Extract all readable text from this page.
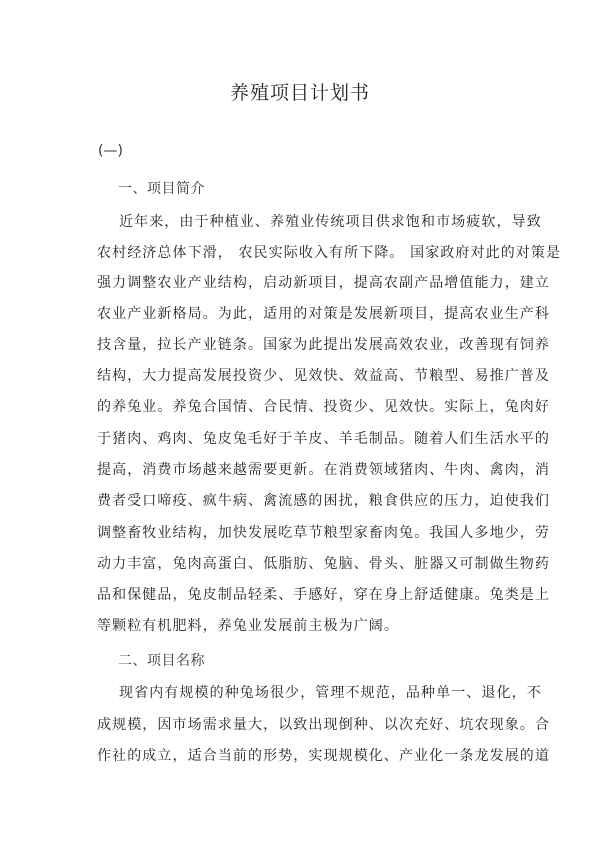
养殖项目计划书
(—)
一、项目简介
近年来，由于种植业、养殖业传统项目供求饱和市场疲软，导致
农村经济总体下滑， 农民实际收入有所下降。 国家政府对此的对策是
强力调整农业产业结构，启动新项目，提高农副产品增值能力，建立
农业产业新格局。为此，适用的对策是发展新项目，提高农业生产科
技含量，拉长产业链条。国家为此提出发展高效农业，改善现有饲养
结构，大力提高发展投资少、见效快、效益高、节粮型、易推广普及
的养兔业。养兔合国情、合民情、投资少、见效快。实际上，兔肉好
于猪肉、鸡肉、兔皮兔毛好于羊皮、羊毛制品。随着人们生活水平的
提高，消费市场越来越需要更新。在消费领域猪肉、牛肉、禽肉，消
费者受口啼疫、疯牛病、禽流感的困扰，粮食供应的压力，迫使我们
调整畜牧业结构，加快发展吃草节粮型家畜肉兔。我国人多地少，劳
动力丰富，兔肉高蛋白、低脂肪、兔脑、骨头、脏器又可制做生物药
品和保健品，兔皮制品轻柔、手感好，穿在身上舒适健康。兔类是上
等颗粒有机肥料，养兔业发展前主极为广阔。
二、项目名称
现省内有规模的种兔场很少，管理不规范，品种单一、退化，不
成规模，因市场需求量大，以致出现倒种、以次充好、坑农现象。合
作社的成立，适合当前的形势，实现规模化、产业化一条龙发展的道
